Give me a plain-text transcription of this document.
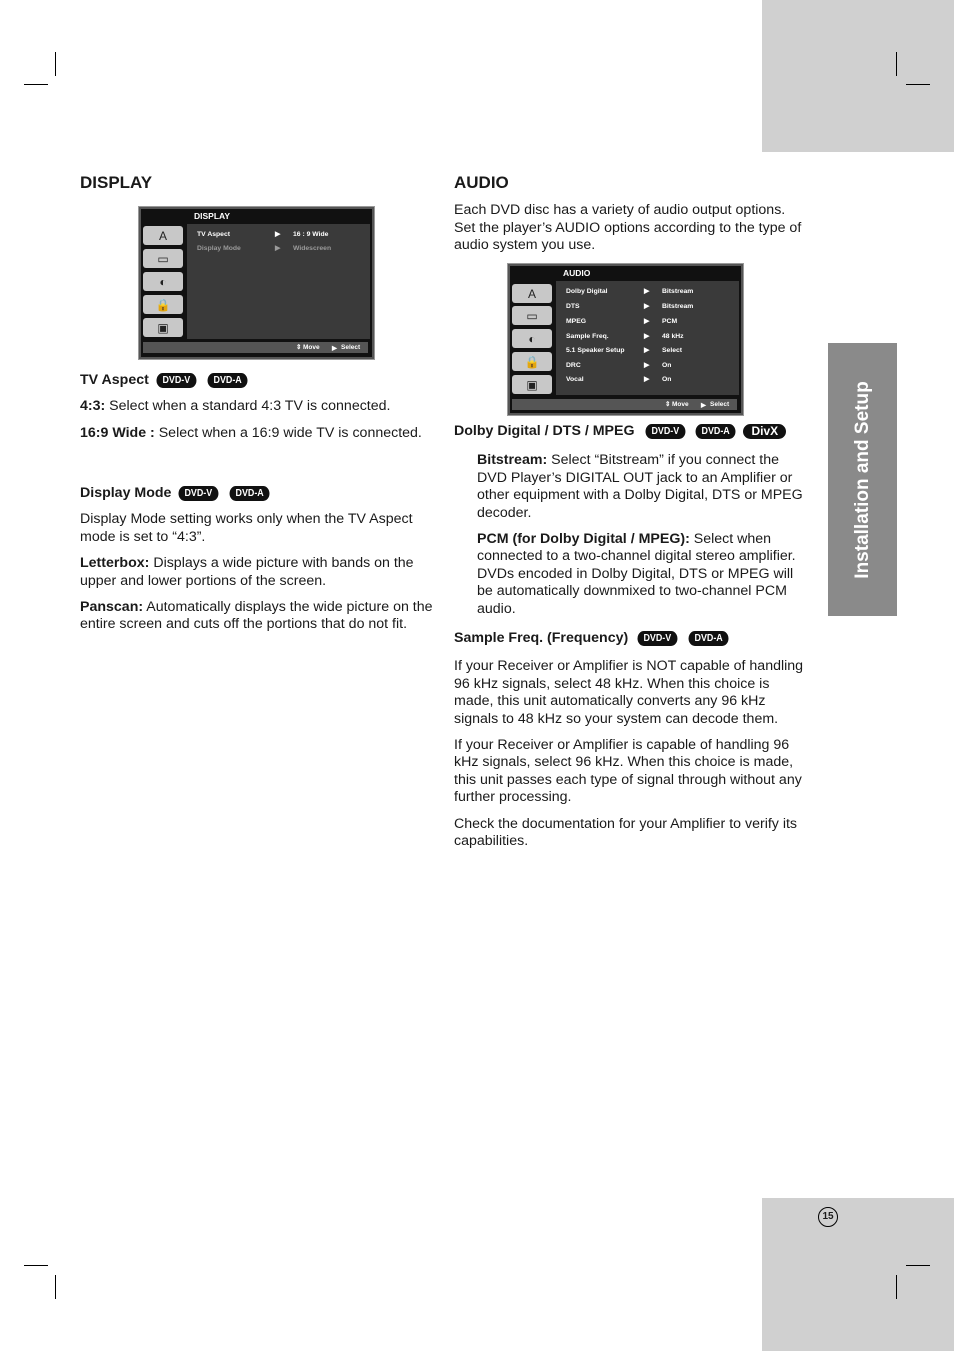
Installation and Setup
15
DISPLAY
DISPLAY
A
▭ ▸
◐
🔒
▣
TV Aspect	▶ 16 : 9 Wide
Display Mode	▶ Widescreen
⇕ Move ▶ Select
TV Aspect	DVD-V	DVD-A

4:3: Select when a standard 4:3 TV is connected.

16:9 Wide : Select when a 16:9 wide TV is connected.

Display Mode	DVD-V	DVD-A

Display Mode setting works only when the TV Aspect mode is set to “4:3”.

Letterbox: Displays a wide picture with bands on the upper and lower portions of the screen.

Panscan: Automatically displays the wide picture on the entire screen and cuts off the portions that do not fit.

AUDIO

Each DVD disc has a variety of audio output options. Set the player’s AUDIO options according to the type of audio system you use.

AUDIO
A
▭
◐ ▸
🔒
▣
Dolby Digital	▶ Bitstream
DTS	▶ Bitstream
MPEG	▶ PCM
Sample Freq.	▶ 48 kHz
5.1 Speaker Setup	▶ Select
DRC	▶ On
Vocal	▶ On
⇕ Move ▶ Select
Dolby Digital / DTS / MPEG	DVD-V	DVD-A	DivX

Bitstream: Select “Bitstream” if you connect the DVD Player’s DIGITAL OUT jack to an Amplifier or other equipment with a Dolby Digital, DTS or MPEG decoder.

PCM (for Dolby Digital / MPEG): Select when connected to a two-channel digital stereo amplifier. DVDs encoded in Dolby Digital, DTS or MPEG will be automatically downmixed to two-channel PCM audio.

Sample Freq. (Frequency)	DVD-V	DVD-A

If your Receiver or Amplifier is NOT capable of handling 96 kHz signals, select 48 kHz. When this choice is made, this unit automatically converts any 96 kHz signals to 48 kHz so your system can decode them.

If your Receiver or Amplifier is capable of handling 96 kHz signals, select 96 kHz. When this choice is made, this unit passes each type of signal through without any further processing.

Check the documentation for your Amplifier to verify its capabilities.
